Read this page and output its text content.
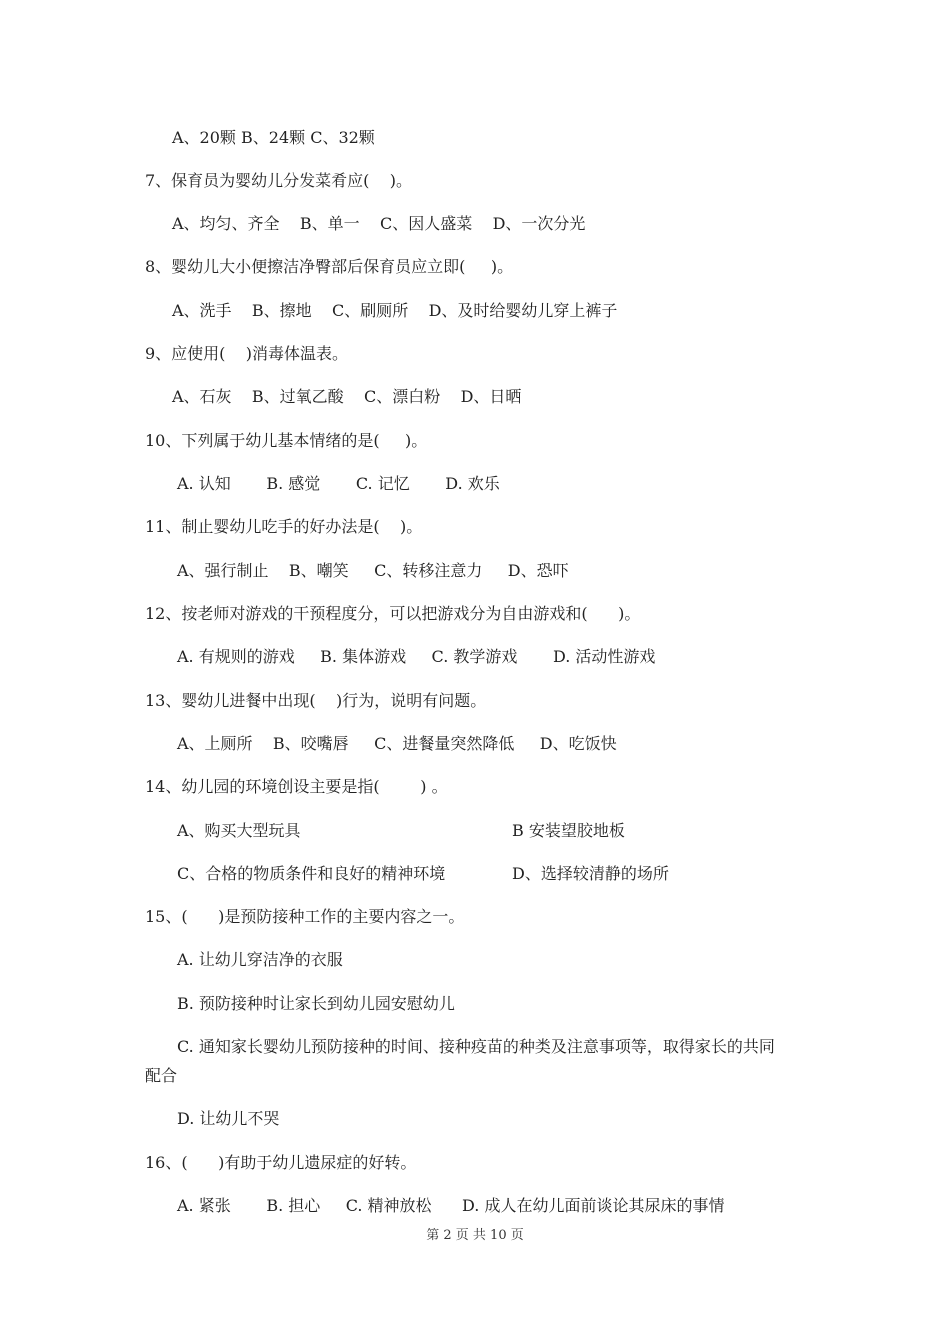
A、20颗 B、24颗 C、32颗
7、保育员为婴幼儿分发菜肴应(    )。
A、均匀、齐全    B、单一    C、因人盛菜    D、一次分光
8、婴幼儿大小便擦洁净臀部后保育员应立即(     )。
A、洗手    B、擦地    C、刷厕所    D、及时给婴幼儿穿上裤子
9、应使用(    )消毒体温表。
A、石灰    B、过氧乙酸    C、漂白粉    D、日晒
10、下列属于幼儿基本情绪的是(     )。
A. 认知       B. 感觉       C. 记忆       D. 欢乐
11、制止婴幼儿吃手的好办法是(    )。
A、强行制止    B、嘲笑     C、转移注意力     D、恐吓
12、按老师对游戏的干预程度分，可以把游戏分为自由游戏和(      )。
A. 有规则的游戏     B. 集体游戏     C. 教学游戏       D. 活动性游戏
13、婴幼儿进餐中出现(    )行为，说明有问题。
A、上厕所    B、咬嘴唇     C、进餐量突然降低     D、吃饭快
14、幼儿园的环境创设主要是指(        ) 。
A、购买大型玩具	B 安装望胶地板
C、合格的物质条件和良好的精神环境	D、选择较清静的场所
15、(      )是预防接种工作的主要内容之一。
A. 让幼儿穿洁净的衣服
B. 预防接种时让家长到幼儿园安慰幼儿
C. 通知家长婴幼儿预防接种的时间、接种疫苗的种类及注意事项等，取得家长的共同
配合
D. 让幼儿不哭
16、(      )有助于幼儿遗尿症的好转。
A. 紧张       B. 担心     C. 精神放松      D. 成人在幼儿面前谈论其尿床的事情
第 2 页 共 10 页
